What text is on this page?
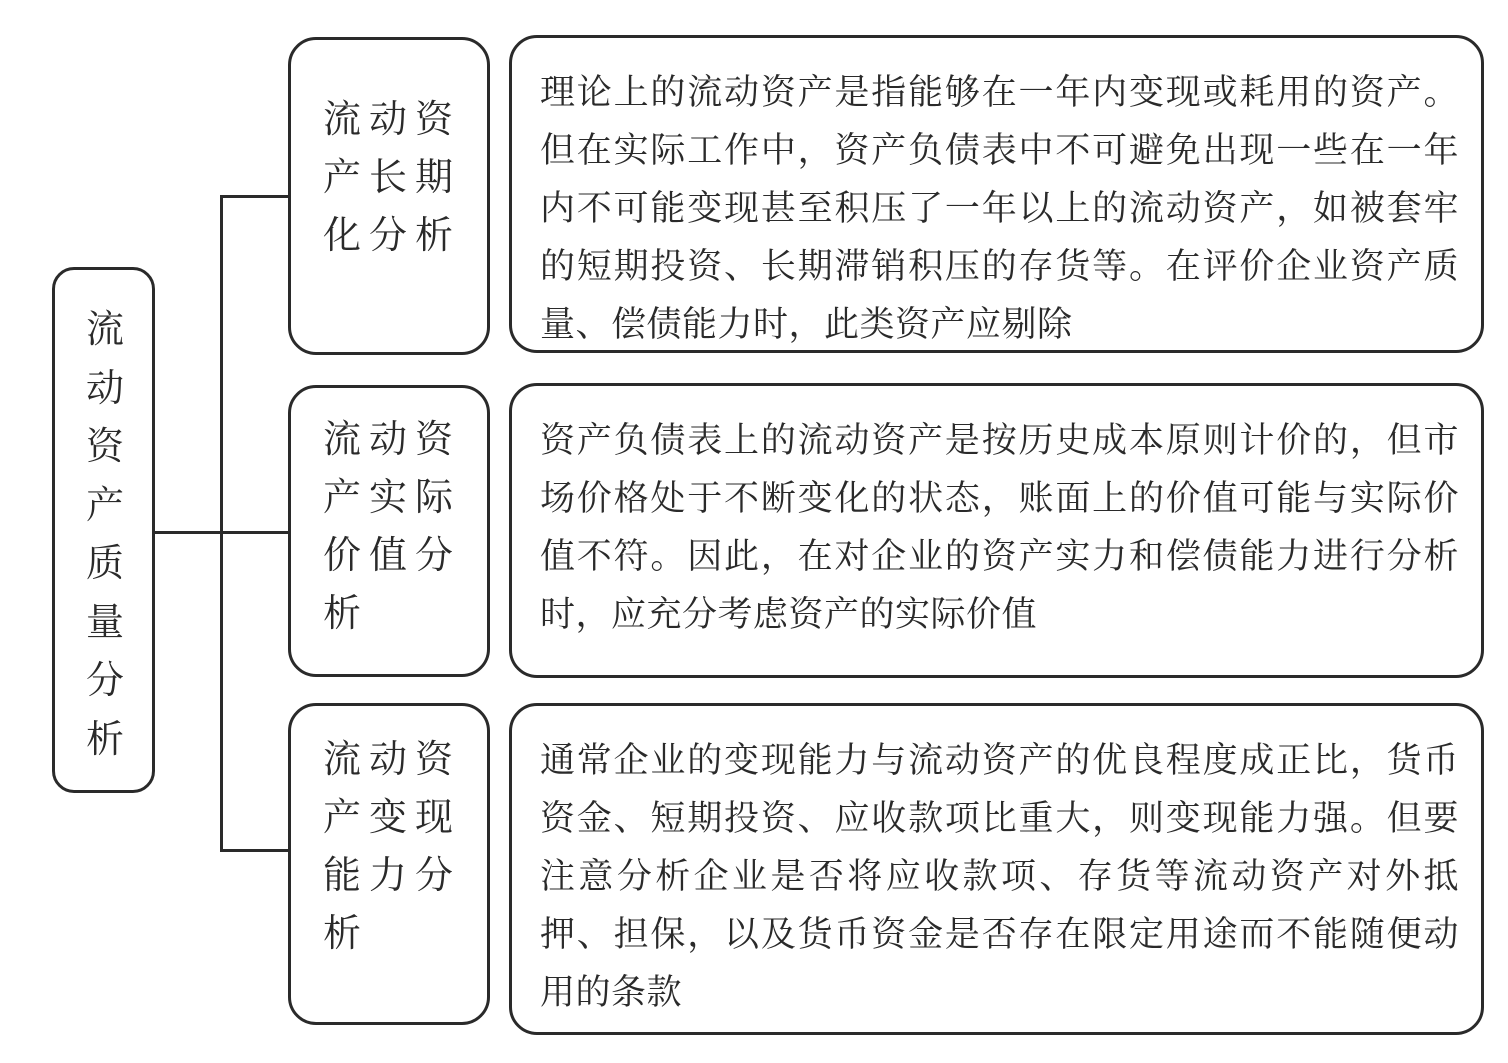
流动资产质量分析
流动资产长期化分析
理论上的流动资产是指能够在一年内变现或耗用的资产。但在实际工作中，资产负债表中不可避免出现一些在一年内不可能变现甚至积压了一年以上的流动资产，如被套牢的短期投资、长期滞销积压的存货等。在评价企业资产质量、偿债能力时，此类资产应剔除
流动资产实际价值分析
资产负债表上的流动资产是按历史成本原则计价的，但市场价格处于不断变化的状态，账面上的价值可能与实际价值不符。因此，在对企业的资产实力和偿债能力进行分析时，应充分考虑资产的实际价值
流动资产变现能力分析
通常企业的变现能力与流动资产的优良程度成正比，货币资金、短期投资、应收款项比重大，则变现能力强。但要注意分析企业是否将应收款项、存货等流动资产对外抵押、担保，以及货币资金是否存在限定用途而不能随便动用的条款
